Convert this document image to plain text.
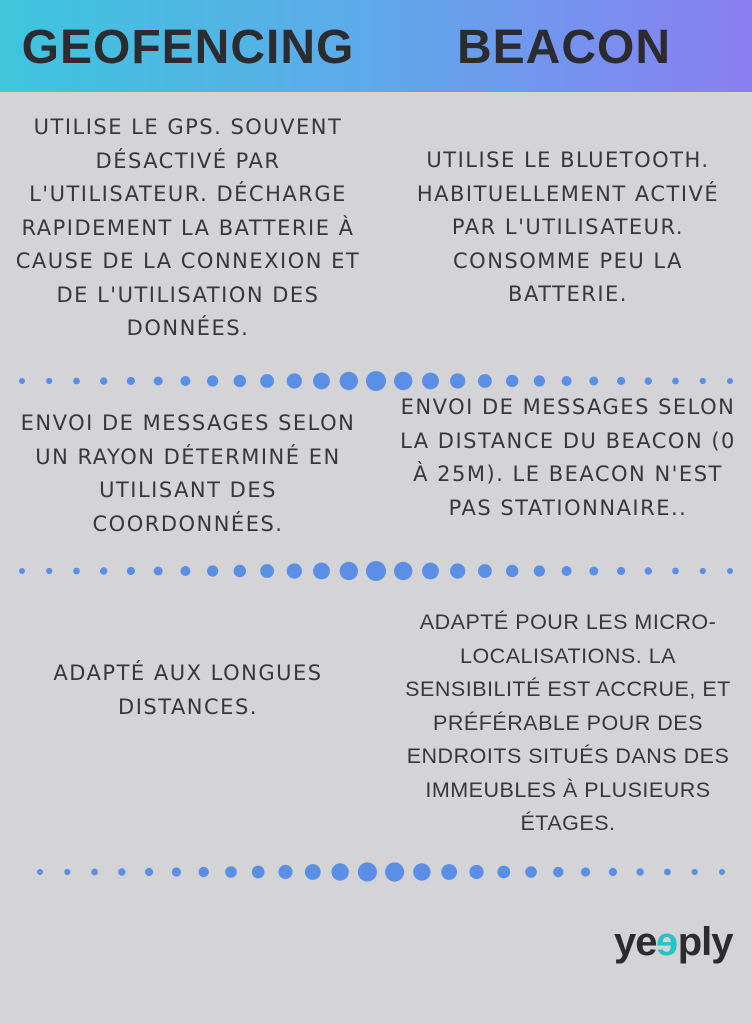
GEOFENCING	BEACON
UTILISE LE GPS. SOUVENT DÉSACTIVÉ PAR L'UTILISATEUR. DÉCHARGE RAPIDEMENT LA BATTERIE À CAUSE DE LA CONNEXION ET DE L'UTILISATION DES DONNÉES.
UTILISE LE BLUETOOTH. HABITUELLEMENT ACTIVÉ PAR L'UTILISATEUR. CONSOMME PEU LA BATTERIE.
ENVOI DE MESSAGES SELON UN RAYON DÉTERMINÉ EN UTILISANT DES COORDONNÉES.
ENVOI DE MESSAGES SELON LA DISTANCE DU BEACON (0 À 25M). LE BEACON N'EST PAS STATIONNAIRE..
ADAPTÉ AUX LONGUES DISTANCES.
ADAPTÉ POUR LES MICRO-LOCALISATIONS. LA SENSIBILITÉ EST ACCRUE, ET PRÉFÉRABLE POUR DES ENDROITS SITUÉS DANS DES IMMEUBLES À PLUSIEURS ÉTAGES.
yeeply
